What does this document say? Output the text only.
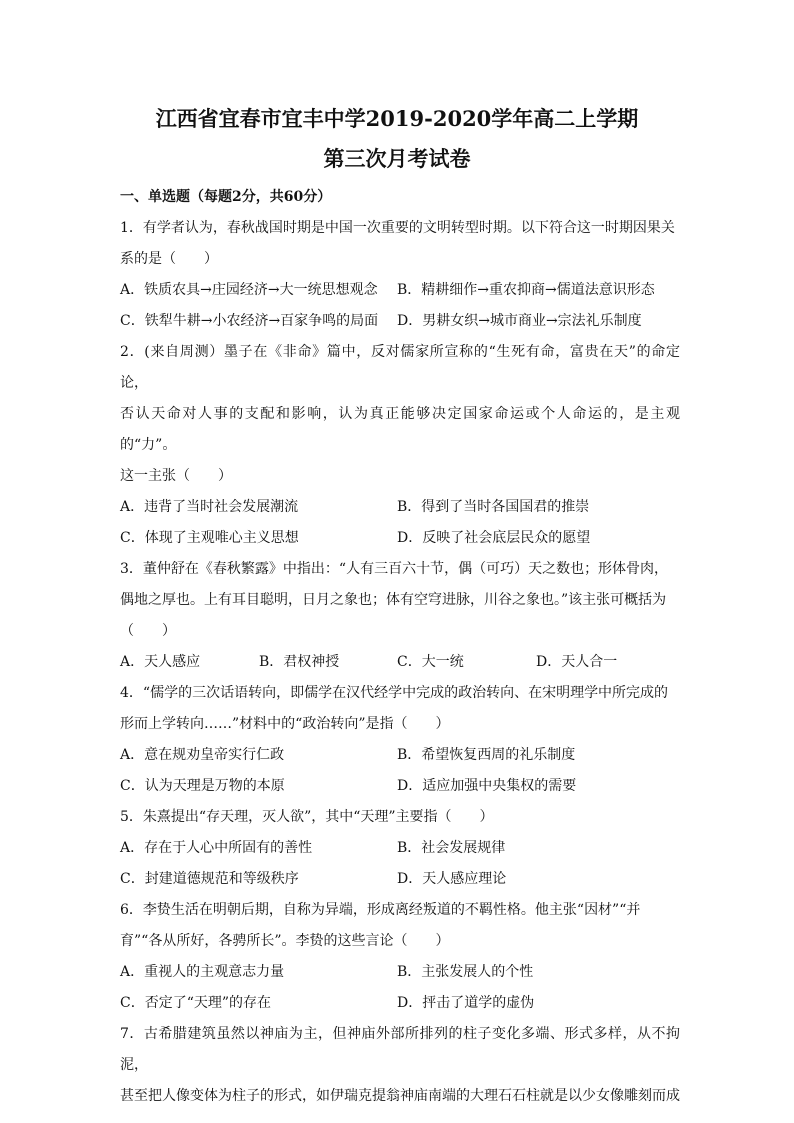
江西省宜春市宜丰中学2019-2020学年高二上学期
第三次月考试卷

一、单选题（每题2分，共60分）

1．有学者认为，春秋战国时期是中国一次重要的文明转型时期。以下符合这一时期因果关

系的是（　　）

A．铁质农具→庄园经济→大一统思想观念 B．精耕细作→重农抑商→儒道法意识形态
C．铁犁牛耕→小农经济→百家争鸣的局面 D．男耕女织→城市商业→宗法礼乐制度

2．(来自周测）墨子在《非命》篇中，反对儒家所宣称的“生死有命，富贵在天”的命定论，

否认天命对人事的支配和影响，认为真正能够决定国家命运或个人命运的，是主观的“力”。

这一主张（　　）

A．违背了当时社会发展潮流	B．得到了当时各国国君的推崇
C．体现了主观唯心主义思想	D．反映了社会底层民众的愿望

3．董仲舒在《春秋繁露》中指出：“人有三百六十节，偶（可巧）天之数也；形体骨肉，

偶地之厚也。上有耳目聪明，日月之象也；体有空穹进脉，川谷之象也。”该主张可概括为

（　　）

A．天人感应	B．君权神授	C．大一统	D．天人合一

4．“儒学的三次话语转向，即儒学在汉代经学中完成的政治转向、在宋明理学中所完成的

形而上学转向……”材料中的“政治转向”是指（　　）

A．意在规劝皇帝实行仁政	B．希望恢复西周的礼乐制度
C．认为天理是万物的本原	D．适应加强中央集权的需要

5．朱熹提出“存天理，灭人欲”，其中“天理”主要指（　　）

A．存在于人心中所固有的善性	B．社会发展规律
C．封建道德规范和等级秩序	D．天人感应理论

6．李贽生活在明朝后期，自称为异端，形成离经叛道的不羁性格。他主张“因材”“并

育”“各从所好，各骋所长”。李贽的这些言论（　　）

A．重视人的主观意志力量	B．主张发展人的个性
C．否定了“天理”的存在	D．抨击了道学的虚伪

7．古希腊建筑虽然以神庙为主，但神庙外部所排列的柱子变化多端、形式多样，从不拘泥，

甚至把人像变体为柱子的形式，如伊瑞克提翁神庙南端的大理石石柱就是以少女像雕刻而成
